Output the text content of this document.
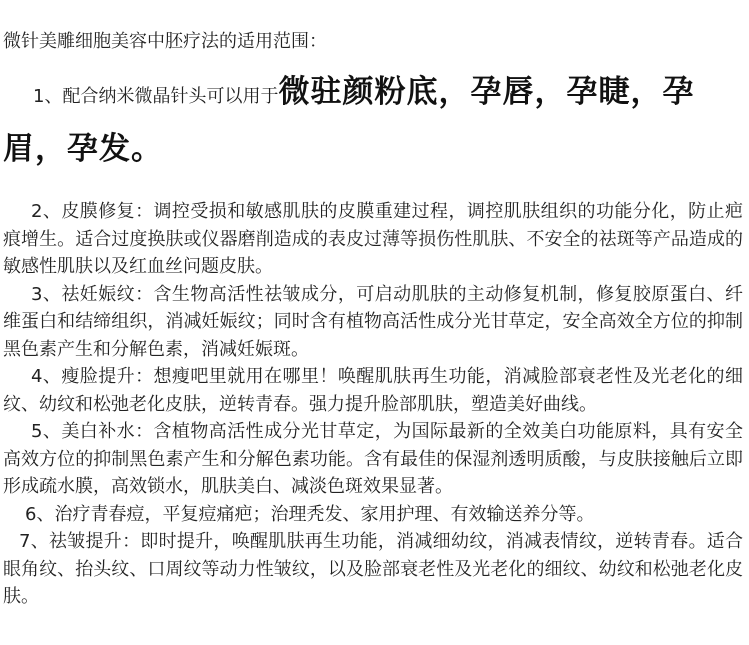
微针美雕细胞美容中胚疗法的适用范围：
1、配合纳米微晶针头可以用于微驻颜粉底，孕唇，孕睫，孕眉，孕发。

2、皮膜修复：调控受损和敏感肌肤的皮膜重建过程，调控肌肤组织的功能分化，防止疤痕增生。适合过度换肤或仪器磨削造成的表皮过薄等损伤性肌肤、不安全的祛斑等产品造成的敏感性肌肤以及红血丝问题皮肤。

3、祛妊娠纹：含生物高活性祛皱成分，可启动肌肤的主动修复机制，修复胶原蛋白、纤维蛋白和结缔组织，消减妊娠纹；同时含有植物高活性成分光甘草定，安全高效全方位的抑制黑色素产生和分解色素，消减妊娠斑。

4、瘦脸提升：想瘦吧里就用在哪里！唤醒肌肤再生功能，消减脸部衰老性及光老化的细纹、幼纹和松弛老化皮肤，逆转青春。强力提升脸部肌肤，塑造美好曲线。

5、美白补水：含植物高活性成分光甘草定，为国际最新的全效美白功能原料，具有安全高效方位的抑制黑色素产生和分解色素功能。含有最佳的保湿剂透明质酸，与皮肤接触后立即形成疏水膜，高效锁水，肌肤美白、减淡色斑效果显著。

6、治疗青春痘，平复痘痛疤；治理秃发、家用护理、有效输送养分等。

7、祛皱提升：即时提升，唤醒肌肤再生功能，消减细幼纹，消减表情纹，逆转青春。适合眼角纹、抬头纹、口周纹等动力性皱纹，以及脸部衰老性及光老化的细纹、幼纹和松弛老化皮肤。
